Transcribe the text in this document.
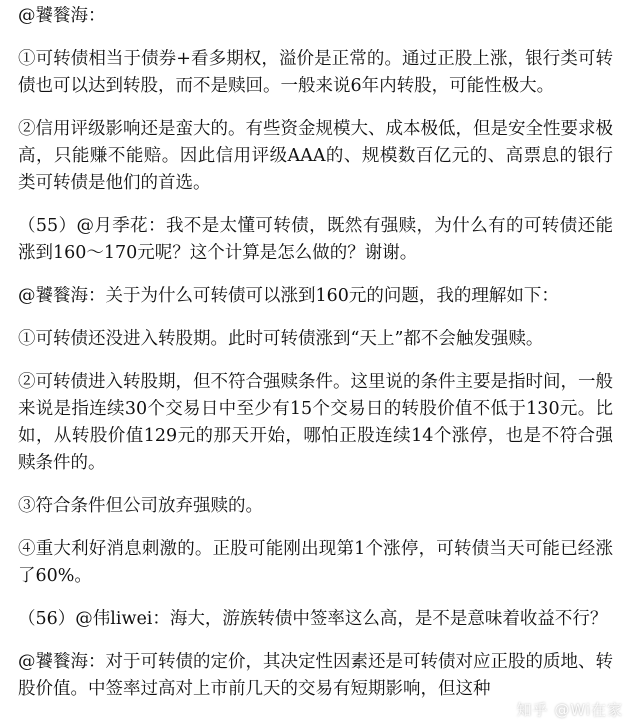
@饕餮海：

①可转债相当于债券+看多期权，溢价是正常的。通过正股上涨，银行类可转债也可以达到转股，而不是赎回。一般来说6年内转股，可能性极大。

②信用评级影响还是蛮大的。有些资金规模大、成本极低，但是安全性要求极高，只能赚不能赔。因此信用评级AAA的、规模数百亿元的、高票息的银行类可转债是他们的首选。

（55）@月季花：我不是太懂可转债，既然有强赎，为什么有的可转债还能涨到160～170元呢？这个计算是怎么做的？谢谢。

@饕餮海：关于为什么可转债可以涨到160元的问题，我的理解如下：

①可转债还没进入转股期。此时可转债涨到“天上”都不会触发强赎。

②可转债进入转股期，但不符合强赎条件。这里说的条件主要是指时间，一般来说是指连续30个交易日中至少有15个交易日的转股价值不低于130元。比如，从转股价值129元的那天开始，哪怕正股连续14个涨停，也是不符合强赎条件的。

③符合条件但公司放弃强赎的。

④重大利好消息刺激的。正股可能刚出现第1个涨停，可转债当天可能已经涨了60%。

（56）@伟liwei：海大，游族转债中签率这么高，是不是意味着收益不行？

@饕餮海：对于可转债的定价，其决定性因素还是可转债对应正股的质地、转股价值。中签率过高对上市前几天的交易有短期影响，但这种

知乎 @Wi在家
